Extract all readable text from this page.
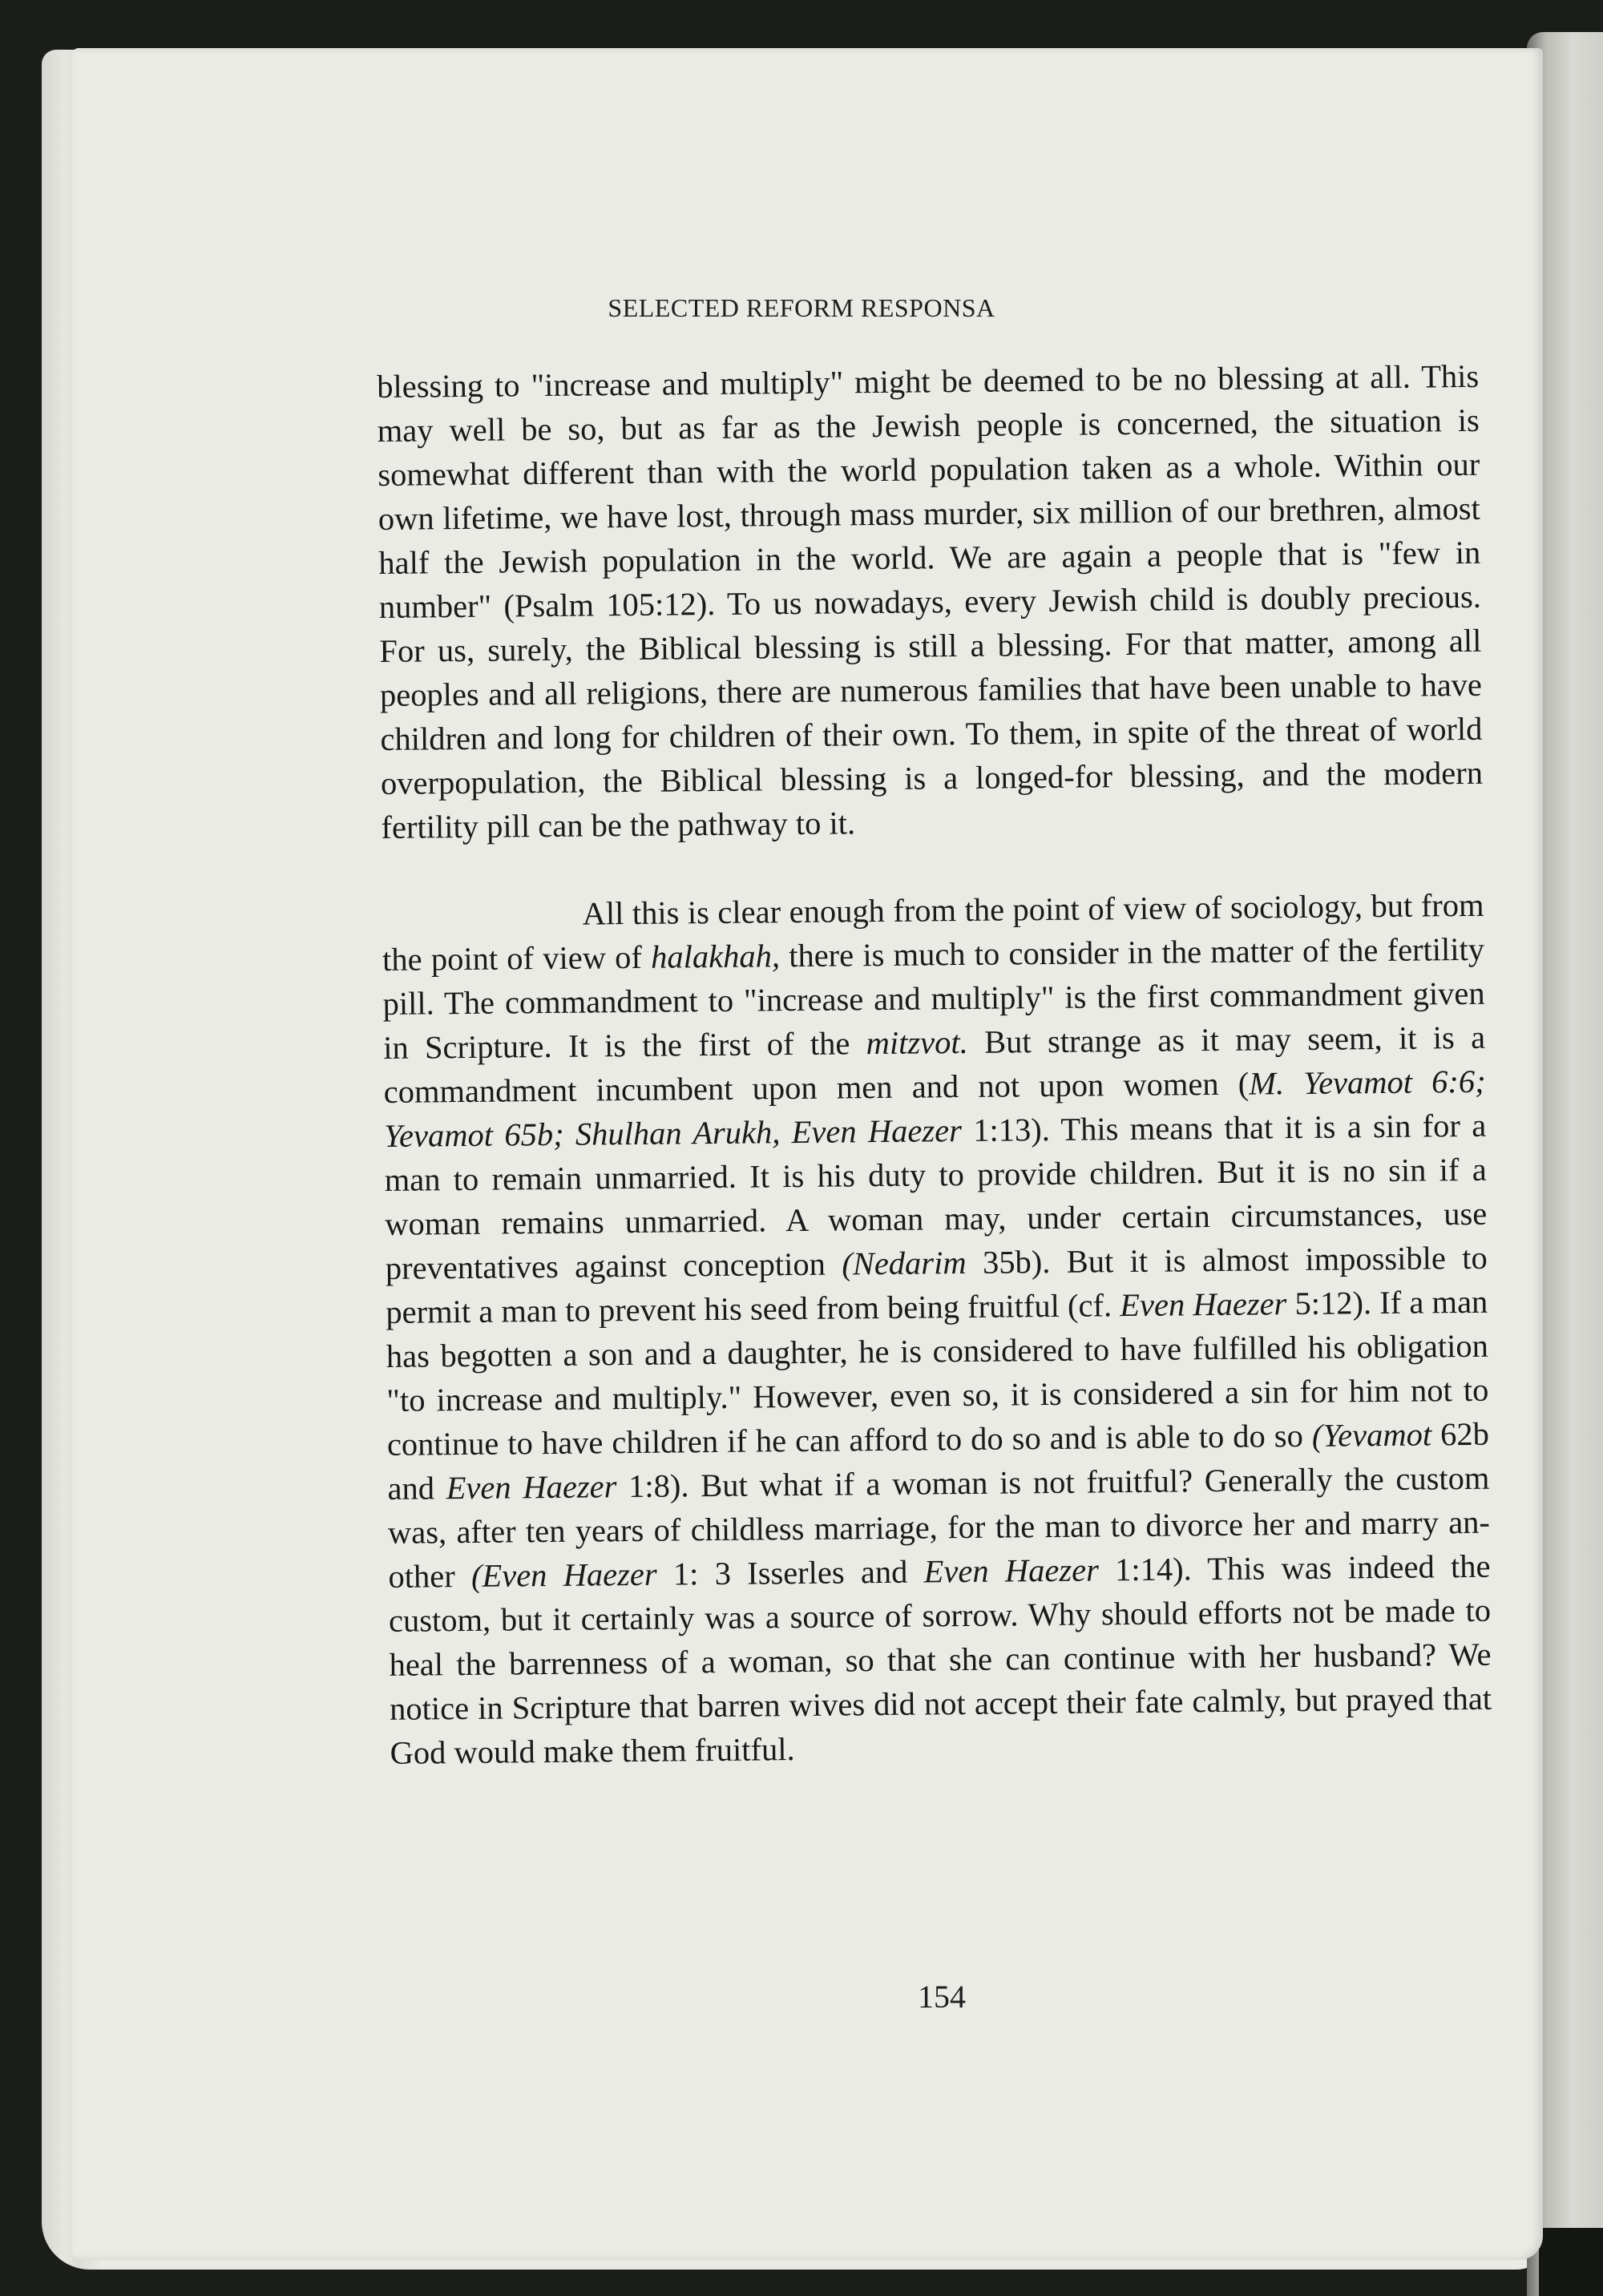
SELECTED REFORM RESPONSA

blessing to "increase and multiply" might be deemed to be no blessing at all. This may well be so, but as far as the Jewish people is concerned, the situation is somewhat different than with the world population taken as a whole. Within our own lifetime, we have lost, through mass murder, six million of our brethren, almost half the Jewish population in the world. We are again a people that is "few in number" (Psalm 105:12). To us nowadays, every Jewish child is doubly precious. For us, surely, the Biblical blessing is still a blessing. For that matter, among all peoples and all religions, there are numerous families that have been unable to have children and long for children of their own. To them, in spite of the threat of world overpopulation, the Biblical blessing is a longed-for blessing, and the modern fertility pill can be the pathway to it.

All this is clear enough from the point of view of sociology, but from the point of view of halakhah, there is much to consider in the matter of the fertility pill. The commandment to "increase and multiply" is the first commandment given in Scripture. It is the first of the mitzvot. But strange as it may seem, it is a commandment incumbent upon men and not upon women (M. Yevamot 6:6; Yevamot 65b; Shulhan Arukh, Even Haezer 1:13). This means that it is a sin for a man to remain unmarried. It is his duty to provide children. But it is no sin if a woman remains unmarried. A woman may, under certain circumstances, use preventatives against conception (Nedarim 35b). But it is almost impossible to permit a man to prevent his seed from being fruitful (cf. Even Haezer 5:12). If a man has begotten a son and a daughter, he is considered to have fulfilled his obligation "to increase and multiply." However, even so, it is considered a sin for him not to continue to have children if he can afford to do so and is able to do so (Yevamot 62b and Even Haezer 1:8). But what if a woman is not fruitful? Generally the custom was, after ten years of childless marriage, for the man to divorce her and marry another (Even Haezer 1: 3 Isserles and Even Haezer 1:14). This was indeed the custom, but it certainly was a source of sorrow. Why should efforts not be made to heal the barrenness of a woman, so that she can continue with her husband? We notice in Scripture that barren wives did not accept their fate calmly, but prayed that God would make them fruitful.

154
